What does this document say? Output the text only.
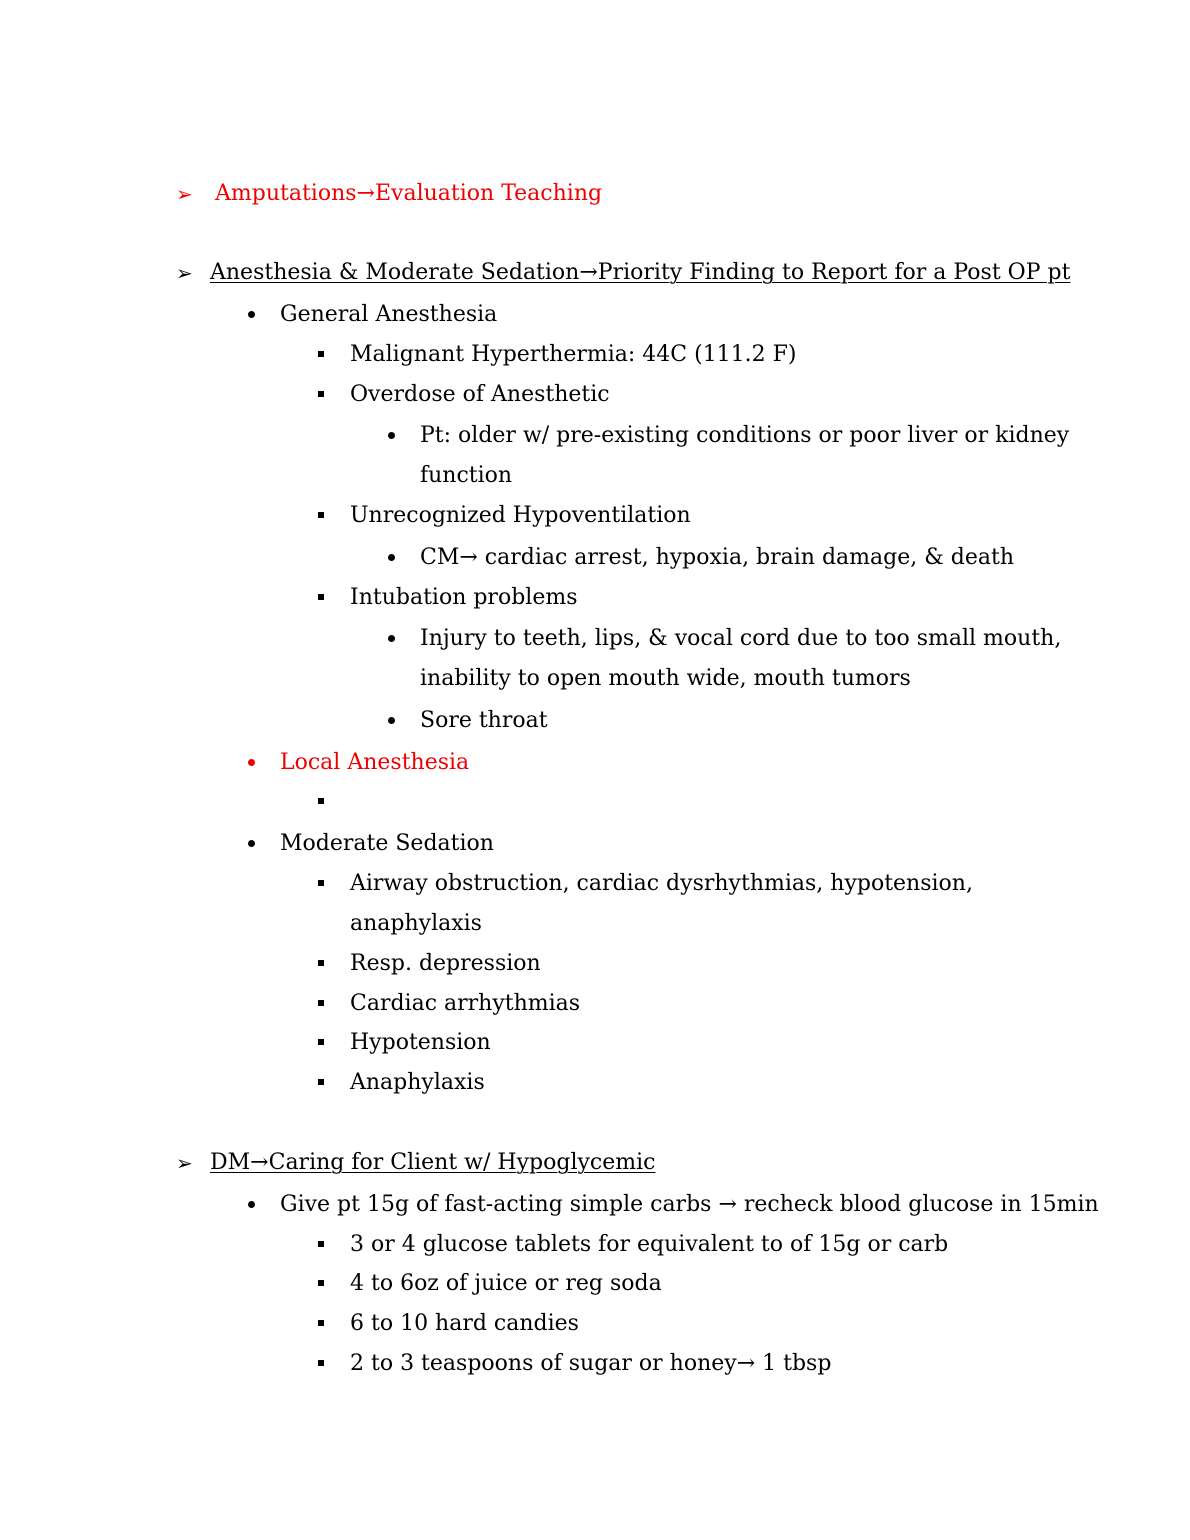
➢ Amputations→Evaluation Teaching
➢ Anesthesia & Moderate Sedation→Priority Finding to Report for a Post OP pt
General Anesthesia
Malignant Hyperthermia: 44C (111.2 F)
Overdose of Anesthetic
Pt: older w/ pre-existing conditions or poor liver or kidney
function
Unrecognized Hypoventilation
CM→ cardiac arrest, hypoxia, brain damage, & death
Intubation problems
Injury to teeth, lips, & vocal cord due to too small mouth,
inability to open mouth wide, mouth tumors
Sore throat
Local Anesthesia
Moderate Sedation
Airway obstruction, cardiac dysrhythmias, hypotension,
anaphylaxis
Resp. depression
Cardiac arrhythmias
Hypotension
Anaphylaxis
➢ DM→Caring for Client w/ Hypoglycemic
Give pt 15g of fast-acting simple carbs → recheck blood glucose in 15min
3 or 4 glucose tablets for equivalent to of 15g or carb
4 to 6oz of juice or reg soda
6 to 10 hard candies
2 to 3 teaspoons of sugar or honey→ 1 tbsp
